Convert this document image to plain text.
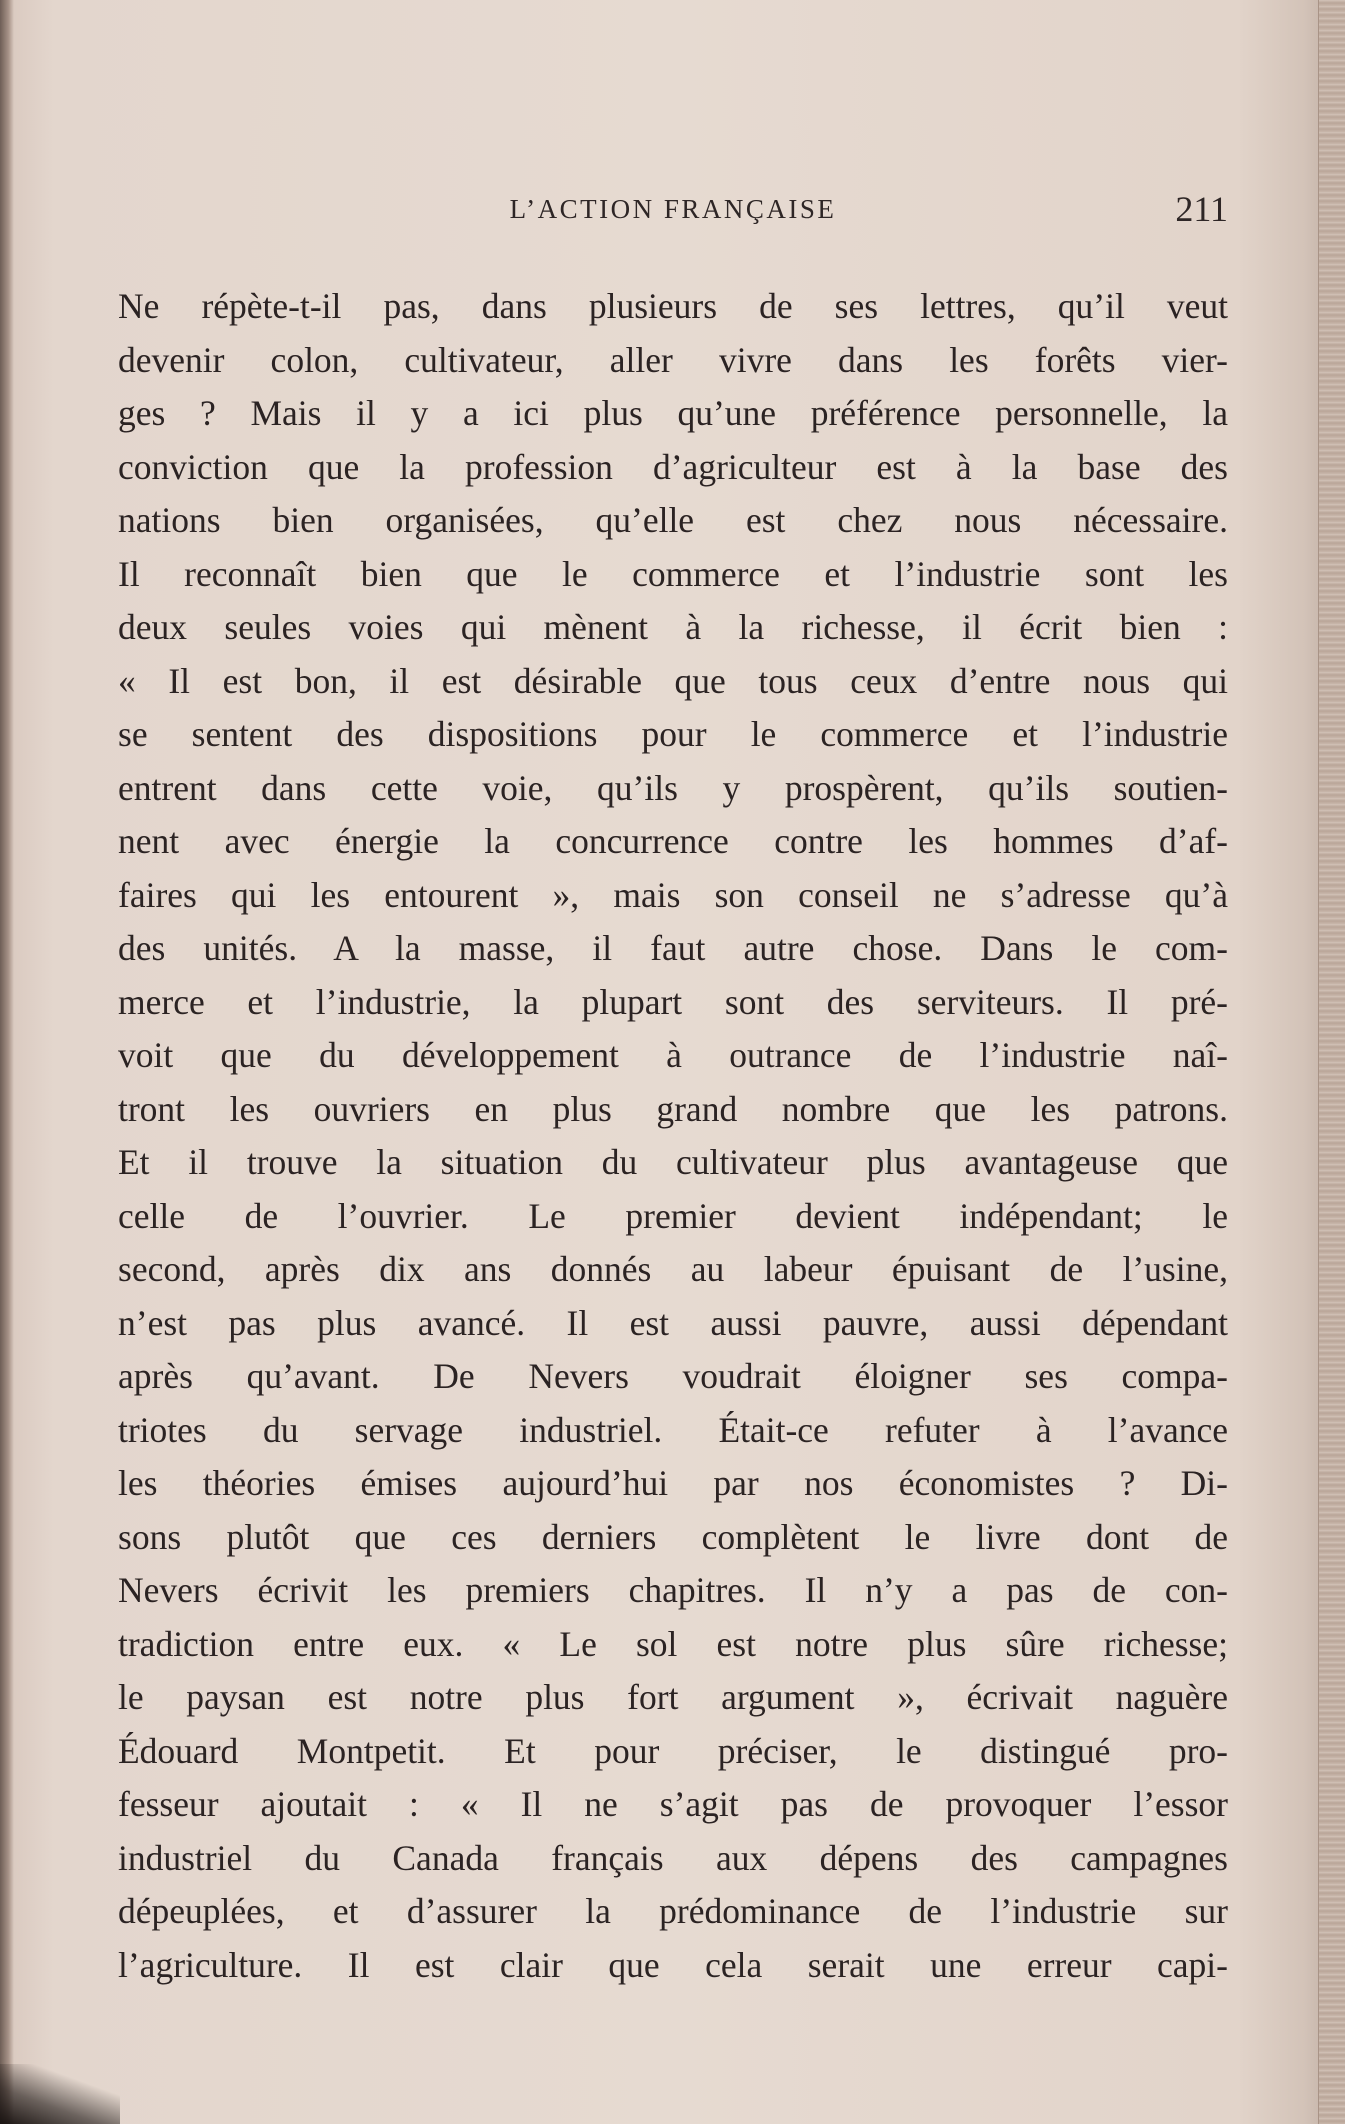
L’ACTION FRANÇAISE	211
Ne répète-t-il pas, dans plusieurs de ses lettres, qu’il veut
devenir colon, cultivateur, aller vivre dans les forêts vier-
ges ? Mais il y a ici plus qu’une préférence personnelle, la
conviction que la profession d’agriculteur est à la base des
nations bien organisées, qu’elle est chez nous nécessaire.
Il reconnaît bien que le commerce et l’industrie sont les
deux seules voies qui mènent à la richesse, il écrit bien :
« Il est bon, il est désirable que tous ceux d’entre nous qui
se sentent des dispositions pour le commerce et l’industrie
entrent dans cette voie, qu’ils y prospèrent, qu’ils soutien-
nent avec énergie la concurrence contre les hommes d’af-
faires qui les entourent », mais son conseil ne s’adresse qu’à
des unités. A la masse, il faut autre chose. Dans le com-
merce et l’industrie, la plupart sont des serviteurs. Il pré-
voit que du développement à outrance de l’industrie naî-
tront les ouvriers en plus grand nombre que les patrons.
Et il trouve la situation du cultivateur plus avantageuse que
celle de l’ouvrier. Le premier devient indépendant; le
second, après dix ans donnés au labeur épuisant de l’usine,
n’est pas plus avancé. Il est aussi pauvre, aussi dépendant
après qu’avant. De Nevers voudrait éloigner ses compa-
triotes du servage industriel. Était-ce refuter à l’avance
les théories émises aujourd’hui par nos économistes ? Di-
sons plutôt que ces derniers complètent le livre dont de
Nevers écrivit les premiers chapitres. Il n’y a pas de con-
tradiction entre eux. « Le sol est notre plus sûre richesse;
le paysan est notre plus fort argument », écrivait naguère
Édouard Montpetit. Et pour préciser, le distingué pro-
fesseur ajoutait : « Il ne s’agit pas de provoquer l’essor
industriel du Canada français aux dépens des campagnes
dépeuplées, et d’assurer la prédominance de l’industrie sur
l’agriculture. Il est clair que cela serait une erreur capi-
